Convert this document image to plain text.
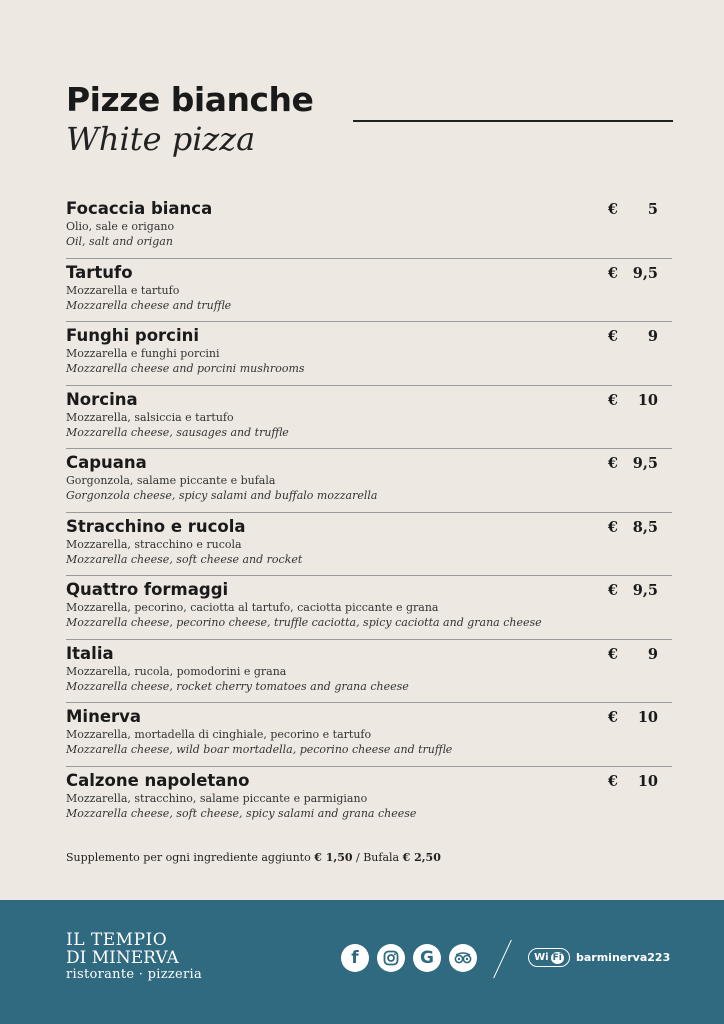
Pizze bianche
White pizza
Focaccia bianca
Olio, sale e origano
Oil, salt and origan
€ 5
Tartufo
Mozzarella e tartufo
Mozzarella cheese and truffle
€ 9,5
Funghi porcini
Mozzarella e funghi porcini
Mozzarella cheese and porcini mushrooms
€ 9
Norcina
Mozzarella, salsiccia e tartufo
Mozzarella cheese, sausages and truffle
€ 10
Capuana
Gorgonzola, salame piccante e bufala
Gorgonzola cheese, spicy salami and buffalo mozzarella
€ 9,5
Stracchino e rucola
Mozzarella, stracchino e rucola
Mozzarella cheese, soft cheese and rocket
€ 8,5
Quattro formaggi
Mozzarella, pecorino, caciotta al tartufo, caciotta piccante e grana
Mozzarella cheese, pecorino cheese, truffle caciotta, spicy caciotta and grana cheese
€ 9,5
Italia
Mozzarella, rucola, pomodorini e grana
Mozzarella cheese, rocket cherry tomatoes and grana cheese
€ 9
Minerva
Mozzarella, mortadella di cinghiale, pecorino e tartufo
Mozzarella cheese, wild boar mortadella, pecorino cheese and truffle
€ 10
Calzone napoletano
Mozzarella, stracchino, salame piccante e parmigiano
Mozzarella cheese, soft cheese, spicy salami and grana cheese
€ 10
Supplemento per ogni ingrediente aggiunto € 1,50 / Bufala € 2,50
IL TEMPIO
DI MINERVA
ristorante · pizzeria
f	G	Wi Fi barminerva223
